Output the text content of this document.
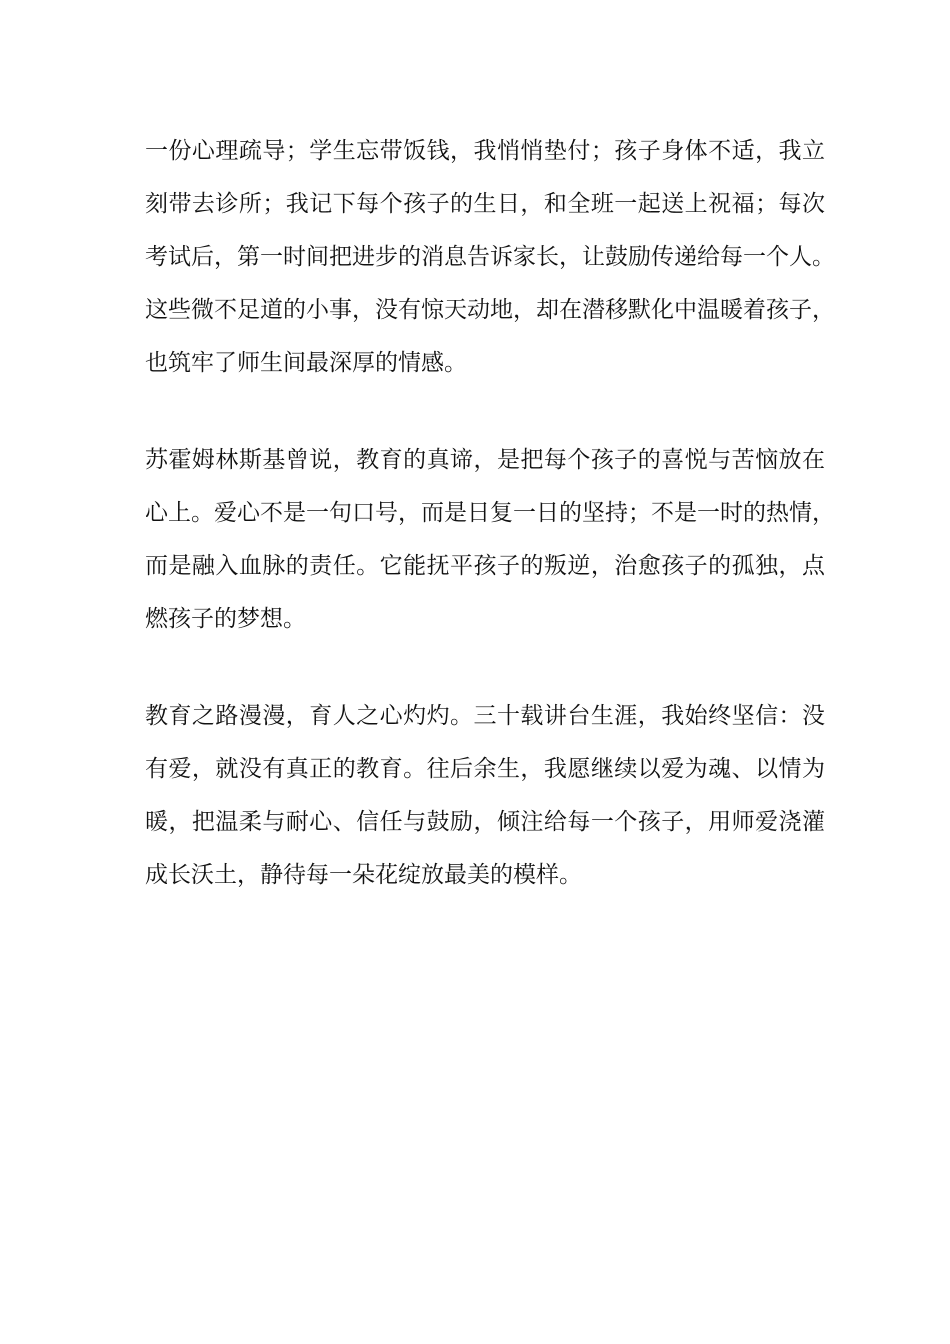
一份心理疏导；学生忘带饭钱，我悄悄垫付；孩子身体不适，我立
刻带去诊所；我记下每个孩子的生日，和全班一起送上祝福；每次
考试后，第一时间把进步的消息告诉家长，让鼓励传递给每一个人。
这些微不足道的小事，没有惊天动地，却在潜移默化中温暖着孩子，
也筑牢了师生间最深厚的情感。
苏霍姆林斯基曾说，教育的真谛，是把每个孩子的喜悦与苦恼放在
心上。爱心不是一句口号，而是日复一日的坚持；不是一时的热情，
而是融入血脉的责任。它能抚平孩子的叛逆，治愈孩子的孤独，点
燃孩子的梦想。
教育之路漫漫，育人之心灼灼。三十载讲台生涯，我始终坚信：没
有爱，就没有真正的教育。往后余生，我愿继续以爱为魂、以情为
暖，把温柔与耐心、信任与鼓励，倾注给每一个孩子，用师爱浇灌
成长沃土，静待每一朵花绽放最美的模样。
